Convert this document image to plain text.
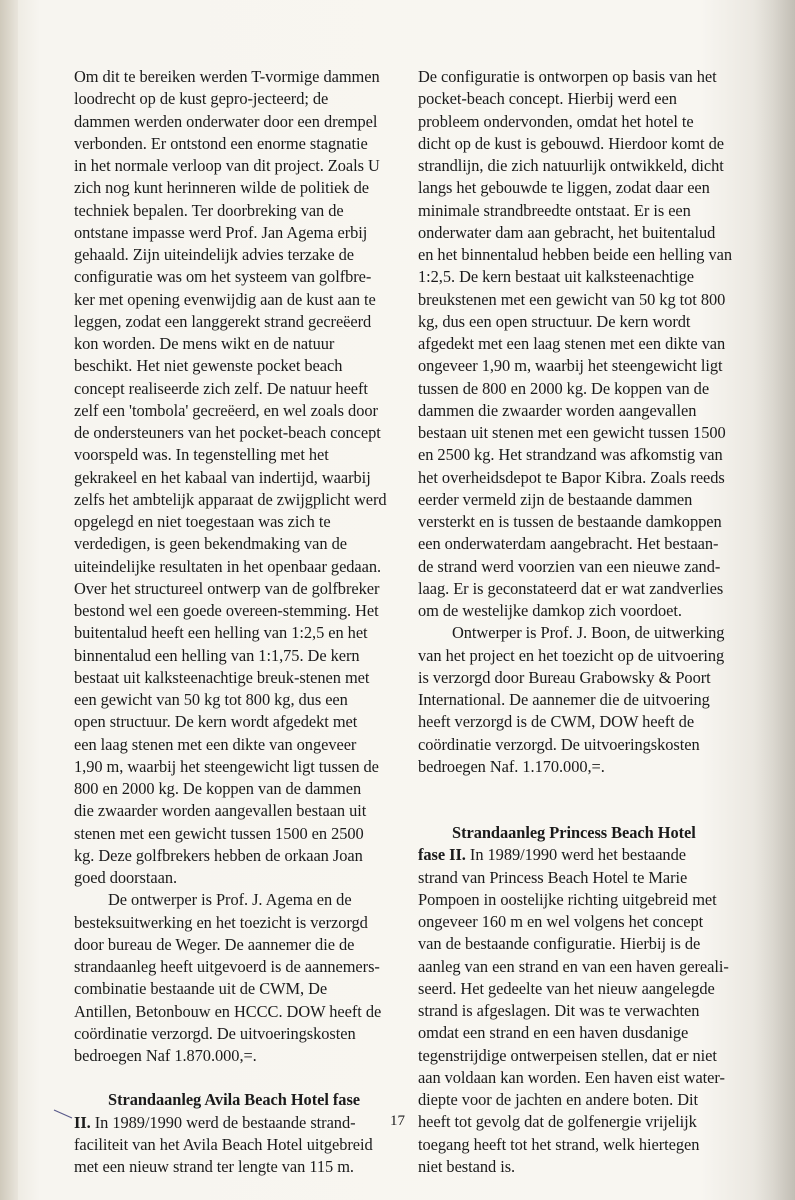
Om dit te bereiken werden T-vormige dammen
loodrecht op de kust gepro-jecteerd; de
dammen werden onderwater door een drempel
verbonden. Er ontstond een enorme stagnatie
in het normale verloop van dit project. Zoals U
zich nog kunt herinneren wilde de politiek de
techniek bepalen. Ter doorbreking van de
ontstane impasse werd Prof. Jan Agema erbij
gehaald. Zijn uiteindelijk advies terzake de
configuratie was om het systeem van golfbre-
ker met opening evenwijdig aan de kust aan te
leggen, zodat een langgerekt strand gecreëerd
kon worden. De mens wikt en de natuur
beschikt. Het niet gewenste pocket beach
concept realiseerde zich zelf. De natuur heeft
zelf een 'tombola' gecreëerd, en wel zoals door
de ondersteuners van het pocket-beach concept
voorspeld was. In tegenstelling met het
gekrakeel en het kabaal van indertijd, waarbij
zelfs het ambtelijk apparaat de zwijgplicht werd
opgelegd en niet toegestaan was zich te
verdedigen, is geen bekendmaking van de
uiteindelijke resultaten in het openbaar gedaan.
Over het structureel ontwerp van de golfbreker
bestond wel een goede overeen-stemming. Het
buitentalud heeft een helling van 1:2,5 en het
binnentalud een helling van 1:1,75. De kern
bestaat uit kalksteenachtige breuk-stenen met
een gewicht van 50 kg tot 800 kg, dus een
open structuur. De kern wordt afgedekt met
een laag stenen met een dikte van ongeveer
1,90 m, waarbij het steengewicht ligt tussen de
800 en 2000 kg. De koppen van de dammen
die zwaarder worden aangevallen bestaan uit
stenen met een gewicht tussen 1500 en 2500
kg. Deze golfbrekers hebben de orkaan Joan
goed doorstaan.
De ontwerper is Prof. J. Agema en de
besteksuitwerking en het toezicht is verzorgd
door bureau de Weger. De aannemer die de
strandaanleg heeft uitgevoerd is de aannemers-
combinatie bestaande uit de CWM, De
Antillen, Betonbouw en HCCC. DOW heeft de
coördinatie verzorgd. De uitvoeringskosten
bedroegen Naf 1.870.000,=.
Strandaanleg Avila Beach Hotel fase
II. In 1989/1990 werd de bestaande strand-
faciliteit van het Avila Beach Hotel uitgebreid
met een nieuw strand ter lengte van 115 m.
De configuratie is ontworpen op basis van het
pocket-beach concept. Hierbij werd een
probleem ondervonden, omdat het hotel te
dicht op de kust is gebouwd. Hierdoor komt de
strandlijn, die zich natuurlijk ontwikkeld, dicht
langs het gebouwde te liggen, zodat daar een
minimale strandbreedte ontstaat. Er is een
onderwater dam aan gebracht, het buitentalud
en het binnentalud hebben beide een helling van
1:2,5. De kern bestaat uit kalksteenachtige
breukstenen met een gewicht van 50 kg tot 800
kg, dus een open structuur. De kern wordt
afgedekt met een laag stenen met een dikte van
ongeveer 1,90 m, waarbij het steengewicht ligt
tussen de 800 en 2000 kg. De koppen van de
dammen die zwaarder worden aangevallen
bestaan uit stenen met een gewicht tussen 1500
en 2500 kg. Het strandzand was afkomstig van
het overheidsdepot te Bapor Kibra. Zoals reeds
eerder vermeld zijn de bestaande dammen
versterkt en is tussen de bestaande damkoppen
een onderwaterdam aangebracht. Het bestaan-
de strand werd voorzien van een nieuwe zand-
laag. Er is geconstateerd dat er wat zandverlies
om de westelijke damkop zich voordoet.
Ontwerper is Prof. J. Boon, de uitwerking
van het project en het toezicht op de uitvoering
is verzorgd door Bureau Grabowsky & Poort
International. De aannemer die de uitvoering
heeft verzorgd is de CWM, DOW heeft de
coördinatie verzorgd. De uitvoeringskosten
bedroegen Naf. 1.170.000,=.
Strandaanleg Princess Beach Hotel
fase II. In 1989/1990 werd het bestaande
strand van Princess Beach Hotel te Marie
Pompoen in oostelijke richting uitgebreid met
ongeveer 160 m en wel volgens het concept
van de bestaande configuratie. Hierbij is de
aanleg van een strand en van een haven gereali-
seerd. Het gedeelte van het nieuw aangelegde
strand is afgeslagen. Dit was te verwachten
omdat een strand en een haven dusdanige
tegenstrijdige ontwerpeisen stellen, dat er niet
aan voldaan kan worden. Een haven eist water-
diepte voor de jachten en andere boten. Dit
heeft tot gevolg dat de golfenergie vrijelijk
toegang heeft tot het strand, welk hiertegen
niet bestand is.
17
